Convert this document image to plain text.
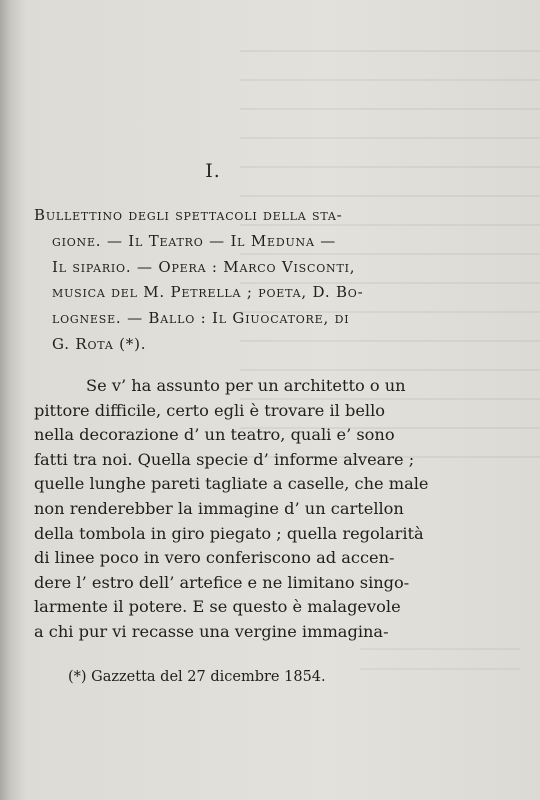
I.
Bullettino degli spettacoli della sta-
gione. — Il Teatro — Il Meduna —
Il sipario. — Opera : Marco Visconti,
musica del M. Petrella ; poeta, D. Bo-
lognese. — Ballo : Il Giuocatore, di
G. Rota (*).
Se v’ ha assunto per un architetto o un
pittore difficile, certo egli è trovare il bello
nella decorazione d’ un teatro, quali e’ sono
fatti tra noi. Quella specie d’ informe alveare ;
quelle lunghe pareti tagliate a caselle, che male
non renderebber la immagine d’ un cartellon
della tombola in giro piegato ; quella regolarità
di linee poco in vero conferiscono ad accen-
dere l’ estro dell’ artefice e ne limitano singo-
larmente il potere. E se questo è malagevole
a chi pur vi recasse una vergine immagina-
(*) Gazzetta del 27 dicembre 1854.
